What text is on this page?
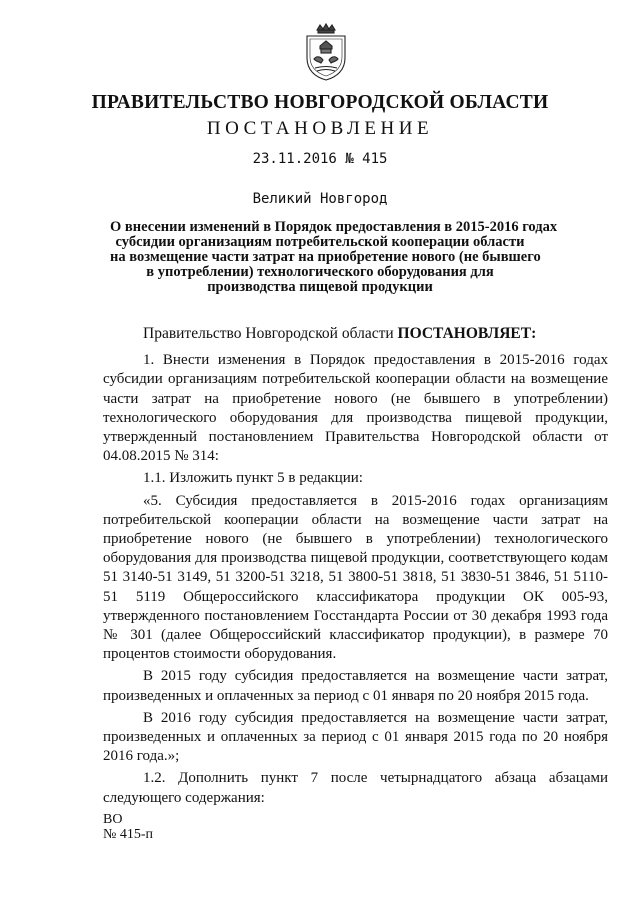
ПРАВИТЕЛЬСТВО НОВГОРОДСКОЙ ОБЛАСТИ
ПОСТАНОВЛЕНИЕ
23.11.2016 № 415
Великий Новгород
О внесении изменений в Порядок предоставления в 2015-2016 годах
субсидии организациям потребительской кооперации области
на возмещение части затрат на приобретение нового (не бывшего
в употреблении) технологического оборудования для
производства пищевой продукции

Правительство Новгородской области ПОСТАНОВЛЯЕТ:

1. Внести изменения в Порядок предоставления в 2015-2016 годах субсидии организациям потребительской кооперации области на возмещение части затрат на приобретение нового (не бывшего в употреблении) технологического оборудования для производства пищевой продукции, утвержденный постановлением Правительства Новгородской области от 04.08.2015 № 314:

1.1. Изложить пункт 5 в редакции:

«5. Субсидия предоставляется в 2015-2016 годах организациям потребительской кооперации области на возмещение части затрат на приобретение нового (не бывшего в употреблении) технологического оборудования для производства пищевой продукции, соответствующего кодам 51 3140-51 3149, 51 3200-51 3218, 51 3800-51 3818, 51 3830-51 3846, 51 5110-51 5119 Общероссийского классификатора продукции ОК 005-93, утвержденного постановлением Госстандарта России от 30 декабря 1993 года № 301 (далее Общероссийский классификатор продукции), в размере 70 процентов стоимости оборудования.

В 2015 году субсидия предоставляется на возмещение части затрат, произведенных и оплаченных за период с 01 января по 20 ноября 2015 года.

В 2016 году субсидия предоставляется на возмещение части затрат, произведенных и оплаченных за период с 01 января 2015 года по 20 ноября 2016 года.»;

1.2. Дополнить пункт 7 после четырнадцатого абзаца абзацами следующего содержания:

ВО
№ 415-п
